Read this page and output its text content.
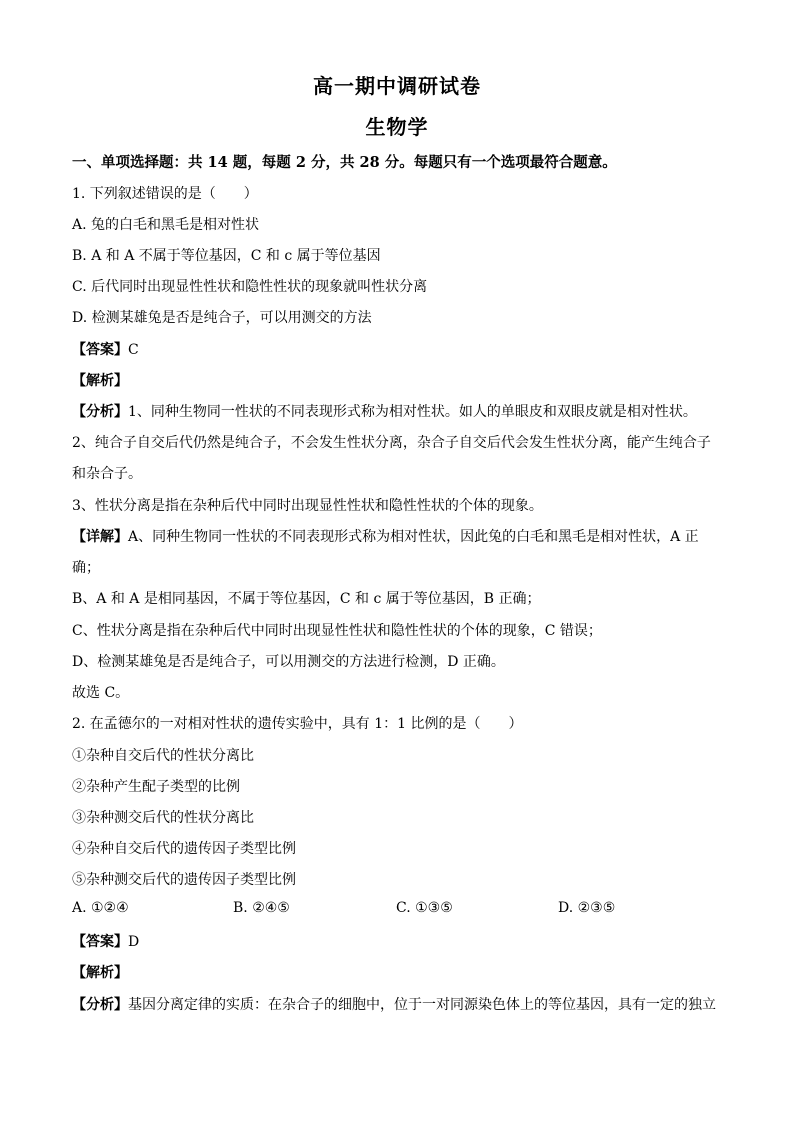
高一期中调研试卷
生物学
一、单项选择题：共 14 题，每题 2 分，共 28 分。每题只有一个选项最符合题意。
1. 下列叙述错误的是（　　）
A. 兔的白毛和黑毛是相对性状
B. A 和 A 不属于等位基因，C 和 c 属于等位基因
C. 后代同时出现显性性状和隐性性状的现象就叫性状分离
D. 检测某雄兔是否是纯合子，可以用测交的方法
【答案】C
【解析】
【分析】1、同种生物同一性状的不同表现形式称为相对性状。如人的单眼皮和双眼皮就是相对性状。
2、纯合子自交后代仍然是纯合子，不会发生性状分离，杂合子自交后代会发生性状分离，能产生纯合子
和杂合子。
3、性状分离是指在杂种后代中同时出现显性性状和隐性性状的个体的现象。
【详解】A、同种生物同一性状的不同表现形式称为相对性状，因此兔的白毛和黑毛是相对性状，A 正
确；
B、A 和 A 是相同基因，不属于等位基因，C 和 c 属于等位基因，B 正确；
C、性状分离是指在杂种后代中同时出现显性性状和隐性性状的个体的现象，C 错误；
D、检测某雄兔是否是纯合子，可以用测交的方法进行检测，D 正确。
故选 C。
2. 在孟德尔的一对相对性状的遗传实验中，具有 1：1 比例的是（　　）
①杂种自交后代的性状分离比
②杂种产生配子类型的比例
③杂种测交后代的性状分离比
④杂种自交后代的遗传因子类型比例
⑤杂种测交后代的遗传因子类型比例
A. ①②④	B. ②④⑤	C. ①③⑤	D. ②③⑤
【答案】D
【解析】
【分析】基因分离定律的实质：在杂合子的细胞中，位于一对同源染色体上的等位基因，具有一定的独立
